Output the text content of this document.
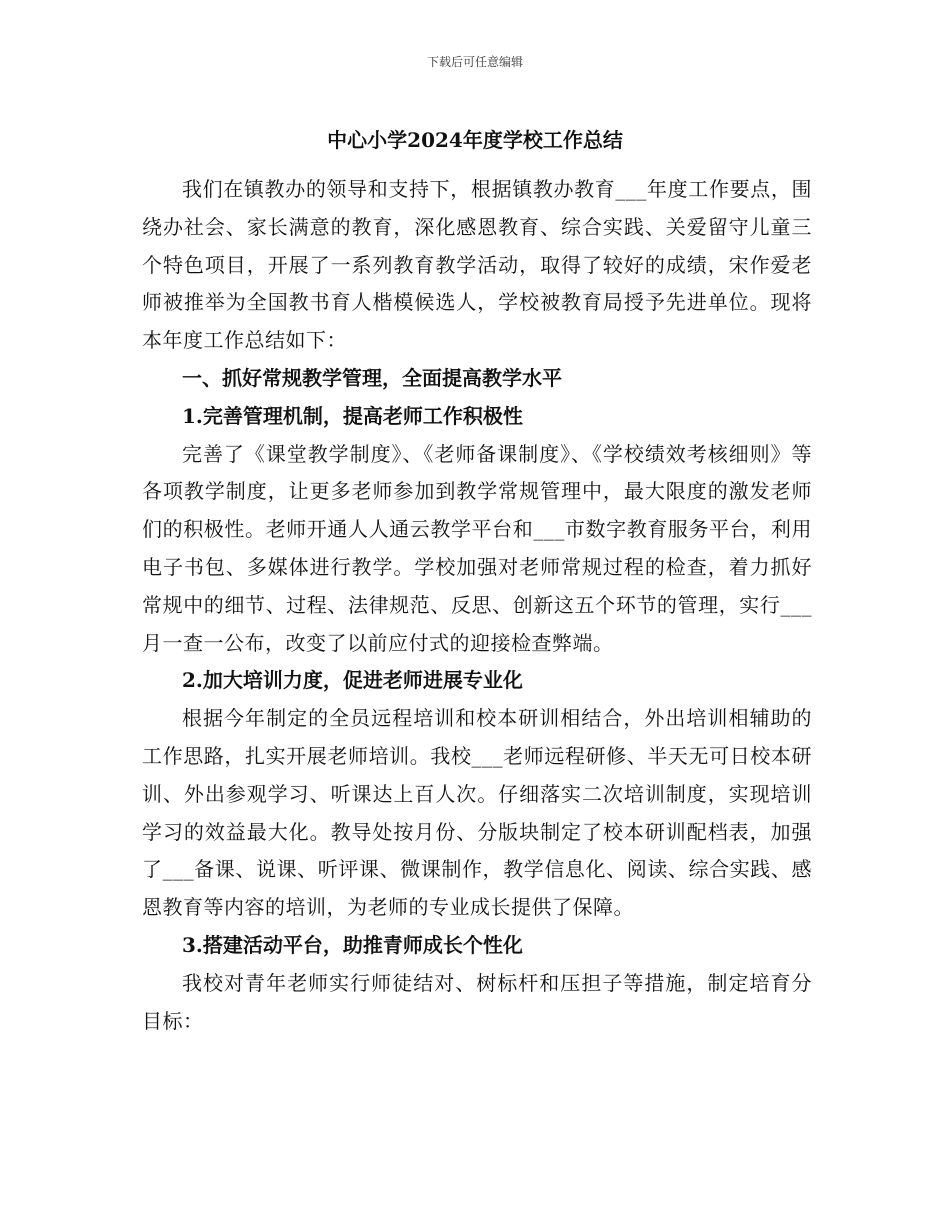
下载后可任意编辑
中心小学2024年度学校工作总结

我们在镇教办的领导和支持下，根据镇教办教育___年度工作要点，围绕办社会、家长满意的教育，深化感恩教育、综合实践、关爱留守儿童三个特色项目，开展了一系列教育教学活动，取得了较好的成绩，宋作爱老师被推举为全国教书育人楷模候选人，学校被教育局授予先进单位。现将本年度工作总结如下：

一、抓好常规教学管理，全面提高教学水平

1.完善管理机制，提高老师工作积极性

完善了《课堂教学制度》、《老师备课制度》、《学校绩效考核细则》等各项教学制度，让更多老师参加到教学常规管理中，最大限度的激发老师们的积极性。老师开通人人通云教学平台和___市数字教育服务平台，利用电子书包、多媒体进行教学。学校加强对老师常规过程的检查，着力抓好常规中的细节、过程、法律规范、反思、创新这五个环节的管理，实行___月一查一公布，改变了以前应付式的迎接检查弊端。

2.加大培训力度，促进老师进展专业化

根据今年制定的全员远程培训和校本研训相结合，外出培训相辅助的工作思路，扎实开展老师培训。我校___老师远程研修、半天无可日校本研训、外出参观学习、听课达上百人次。仔细落实二次培训制度，实现培训学习的效益最大化。教导处按月份、分版块制定了校本研训配档表，加强了___备课、说课、听评课、微课制作，教学信息化、阅读、综合实践、感恩教育等内容的培训，为老师的专业成长提供了保障。

3.搭建活动平台，助推青师成长个性化

我校对青年老师实行师徒结对、树标杆和压担子等措施，制定培育分目标：
